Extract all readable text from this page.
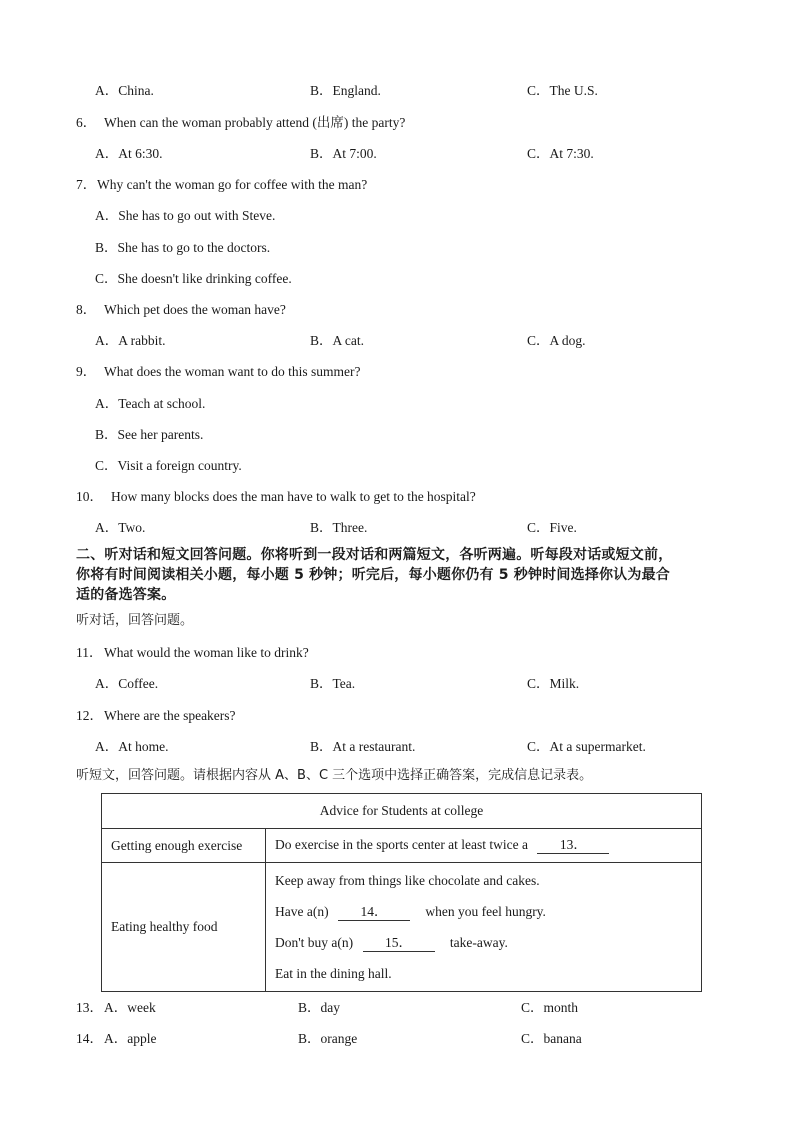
A．China.	B．England.	C．The U.S.
6． When can the woman probably attend (出席) the party?
A．At 6:30.	B．At 7:00.	C．At 7:30.
7． Why can't the woman go for coffee with the man?
A．She has to go out with Steve.
B．She has to go to the doctors.
C．She doesn't like drinking coffee.
8． Which pet does the woman have?
A．A rabbit.	B．A cat.	C．A dog.
9． What does the woman want to do this summer?
A．Teach at school.
B．See her parents.
C．Visit a foreign country.
10． How many blocks does the man have to walk to get to the hospital?
A．Two.	B．Three.	C．Five.
二、听对话和短文回答问题。你将听到一段对话和两篇短文，各听两遍。听每段对话或短文前，
你将有时间阅读相关小题，每小题 5 秒钟；听完后，每小题你仍有 5 秒钟时间选择你认为最合
适的备选答案。
听对话，回答问题。
11． What would the woman like to drink?
A．Coffee.	B．Tea.	C．Milk.
12． Where are the speakers?
A．At home.	B．At a restaurant.	C．At a supermarket.
听短文，回答问题。请根据内容从 A、B、C 三个选项中选择正确答案，完成信息记录表。
Advice for Students at college	
Getting enough exercise	Do exercise in the sports center at least twice a 13．
Eating healthy food	Keep away from things like chocolate and cakes.
Have a(n) 14． when you feel hungry.
Don't buy a(n) 15． take-away.
Eat in the dining hall.
13． A．week	B．day	C．month
14． A．apple	B．orange	C．banana
